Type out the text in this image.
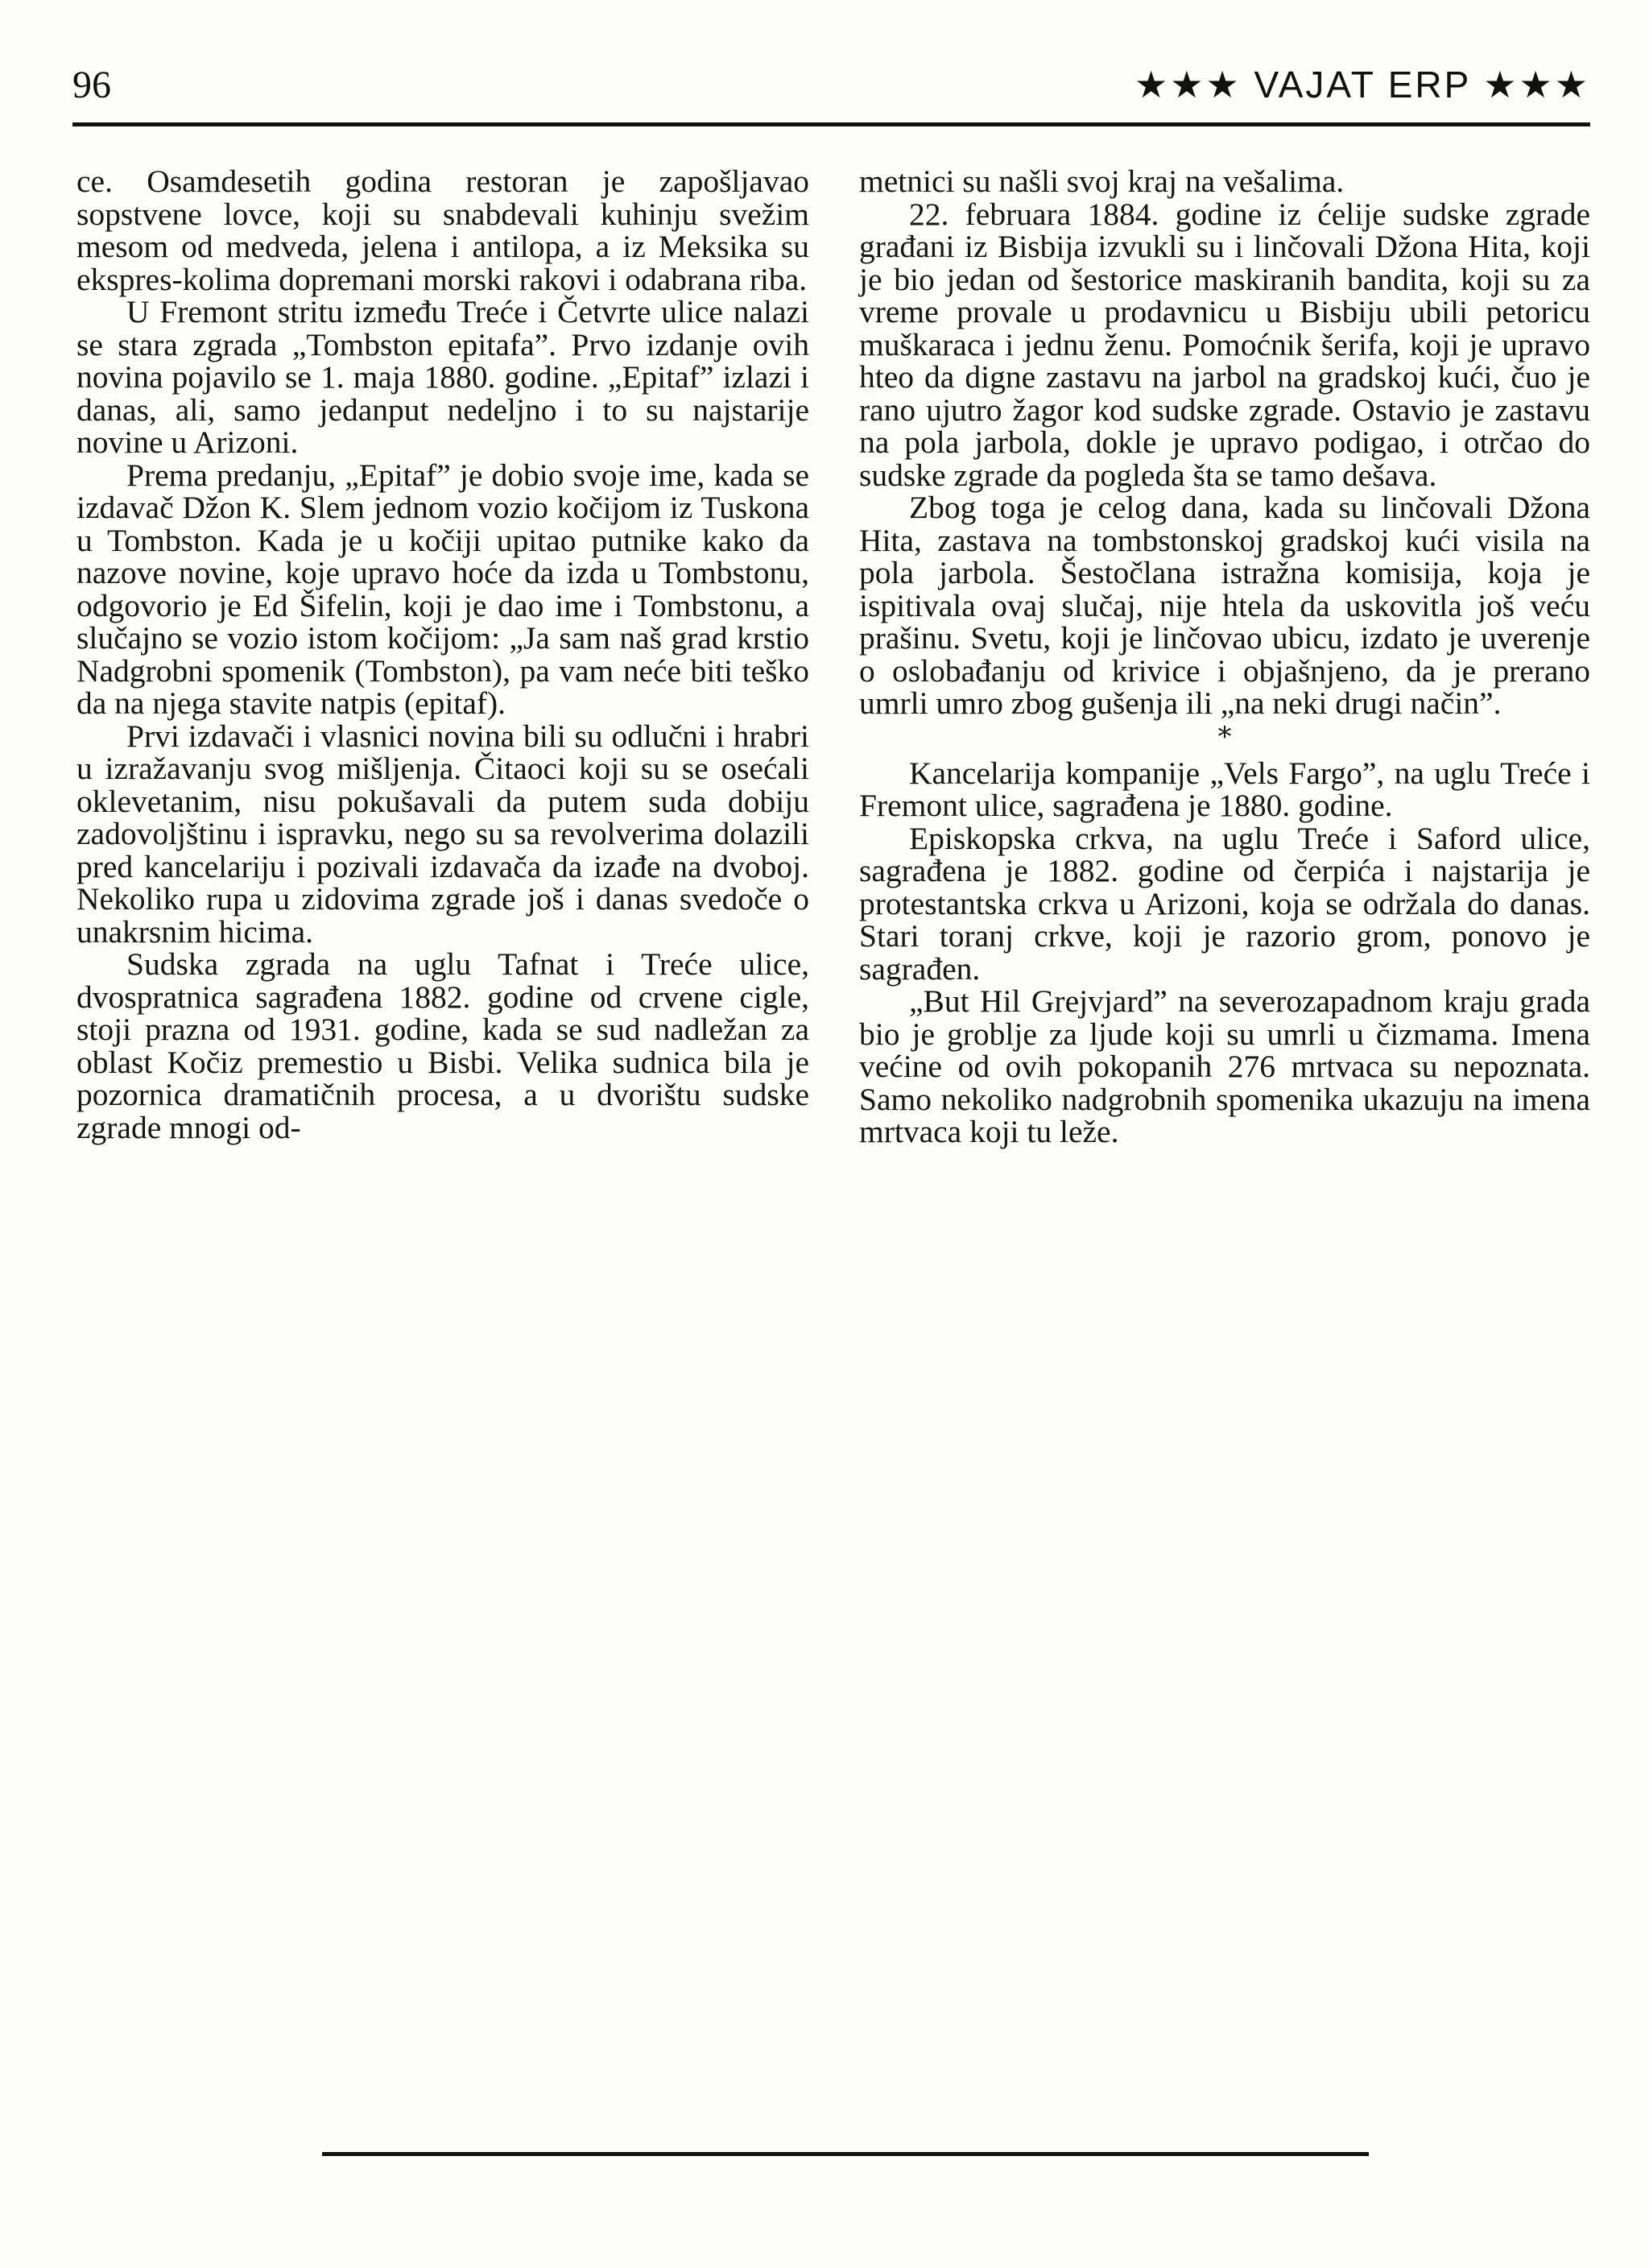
96	★★★ VAJAT ERP ★★★

ce. Osamdesetih godina restoran je zapošljavao sopstvene lovce, koji su snabdevali kuhinju svežim mesom od medveda, jelena i antilopa, a iz Meksika su ekspres-kolima dopremani morski rakovi i odabrana riba.

U Fremont stritu između Treće i Četvrte ulice nalazi se stara zgrada „Tombston epitafa”. Prvo izdanje ovih novina pojavilo se 1. maja 1880. godine. „Epitaf” izlazi i danas, ali, samo jedanput nedeljno i to su najstarije novine u Arizoni.

Prema predanju, „Epitaf” je dobio svoje ime, kada se izdavač Džon K. Slem jednom vozio kočijom iz Tuskona u Tombston. Kada je u kočiji upitao putnike kako da nazove novine, koje upravo hoće da izda u Tombstonu, odgovorio je Ed Šifelin, koji je dao ime i Tombstonu, a slučajno se vozio istom kočijom: „Ja sam naš grad krstio Nadgrobni spomenik (Tombston), pa vam neće biti teško da na njega stavite natpis (epitaf).

Prvi izdavači i vlasnici novina bili su odlučni i hrabri u izražavanju svog mišljenja. Čitaoci koji su se osećali oklevetanim, nisu pokušavali da putem suda dobiju zadovoljštinu i ispravku, nego su sa revolverima dolazili pred kancelariju i pozivali izdavača da izađe na dvoboj. Nekoliko rupa u zidovima zgrade još i danas svedoče o unakrsnim hicima.

Sudska zgrada na uglu Tafnat i Treće ulice, dvospratnica sagrađena 1882. godine od crvene cigle, stoji prazna od 1931. godine, kada se sud nadležan za oblast Kočiz premestio u Bisbi. Velika sudnica bila je pozornica dramatičnih procesa, a u dvorištu sudske zgrade mnogi od-

metnici su našli svoj kraj na vešalima.

22. februara 1884. godine iz ćelije sudske zgrade građani iz Bisbija izvukli su i linčovali Džona Hita, koji je bio jedan od šestorice maskiranih bandita, koji su za vreme provale u prodavnicu u Bisbiju ubili petoricu muškaraca i jednu ženu. Pomoćnik šerifa, koji je upravo hteo da digne zastavu na jarbol na gradskoj kući, čuo je rano ujutro žagor kod sudske zgrade. Ostavio je zastavu na pola jarbola, dokle je upravo podigao, i otrčao do sudske zgrade da pogleda šta se tamo dešava.

Zbog toga je celog dana, kada su linčovali Džona Hita, zastava na tombstonskoj gradskoj kući visila na pola jarbola. Šestočlana istražna komisija, koja je ispitivala ovaj slučaj, nije htela da uskovitla još veću prašinu. Svetu, koji je linčovao ubicu, izdato je uverenje o oslobađanju od krivice i objašnjeno, da je prerano umrli umro zbog gušenja ili „na neki drugi način”.

*

Kancelarija kompanije „Vels Fargo”, na uglu Treće i Fremont ulice, sagrađena je 1880. godine.

Episkopska crkva, na uglu Treće i Saford ulice, sagrađena je 1882. godine od čerpića i najstarija je protestantska crkva u Arizoni, koja se održala do danas. Stari toranj crkve, koji je razorio grom, ponovo je sagrađen.

„But Hil Grejvjard” na severozapadnom kraju grada bio je groblje za ljude koji su umrli u čizmama. Imena većine od ovih pokopanih 276 mrtvaca su nepoznata. Samo nekoliko nadgrobnih spomenika ukazuju na imena mrtvaca koji tu leže.
